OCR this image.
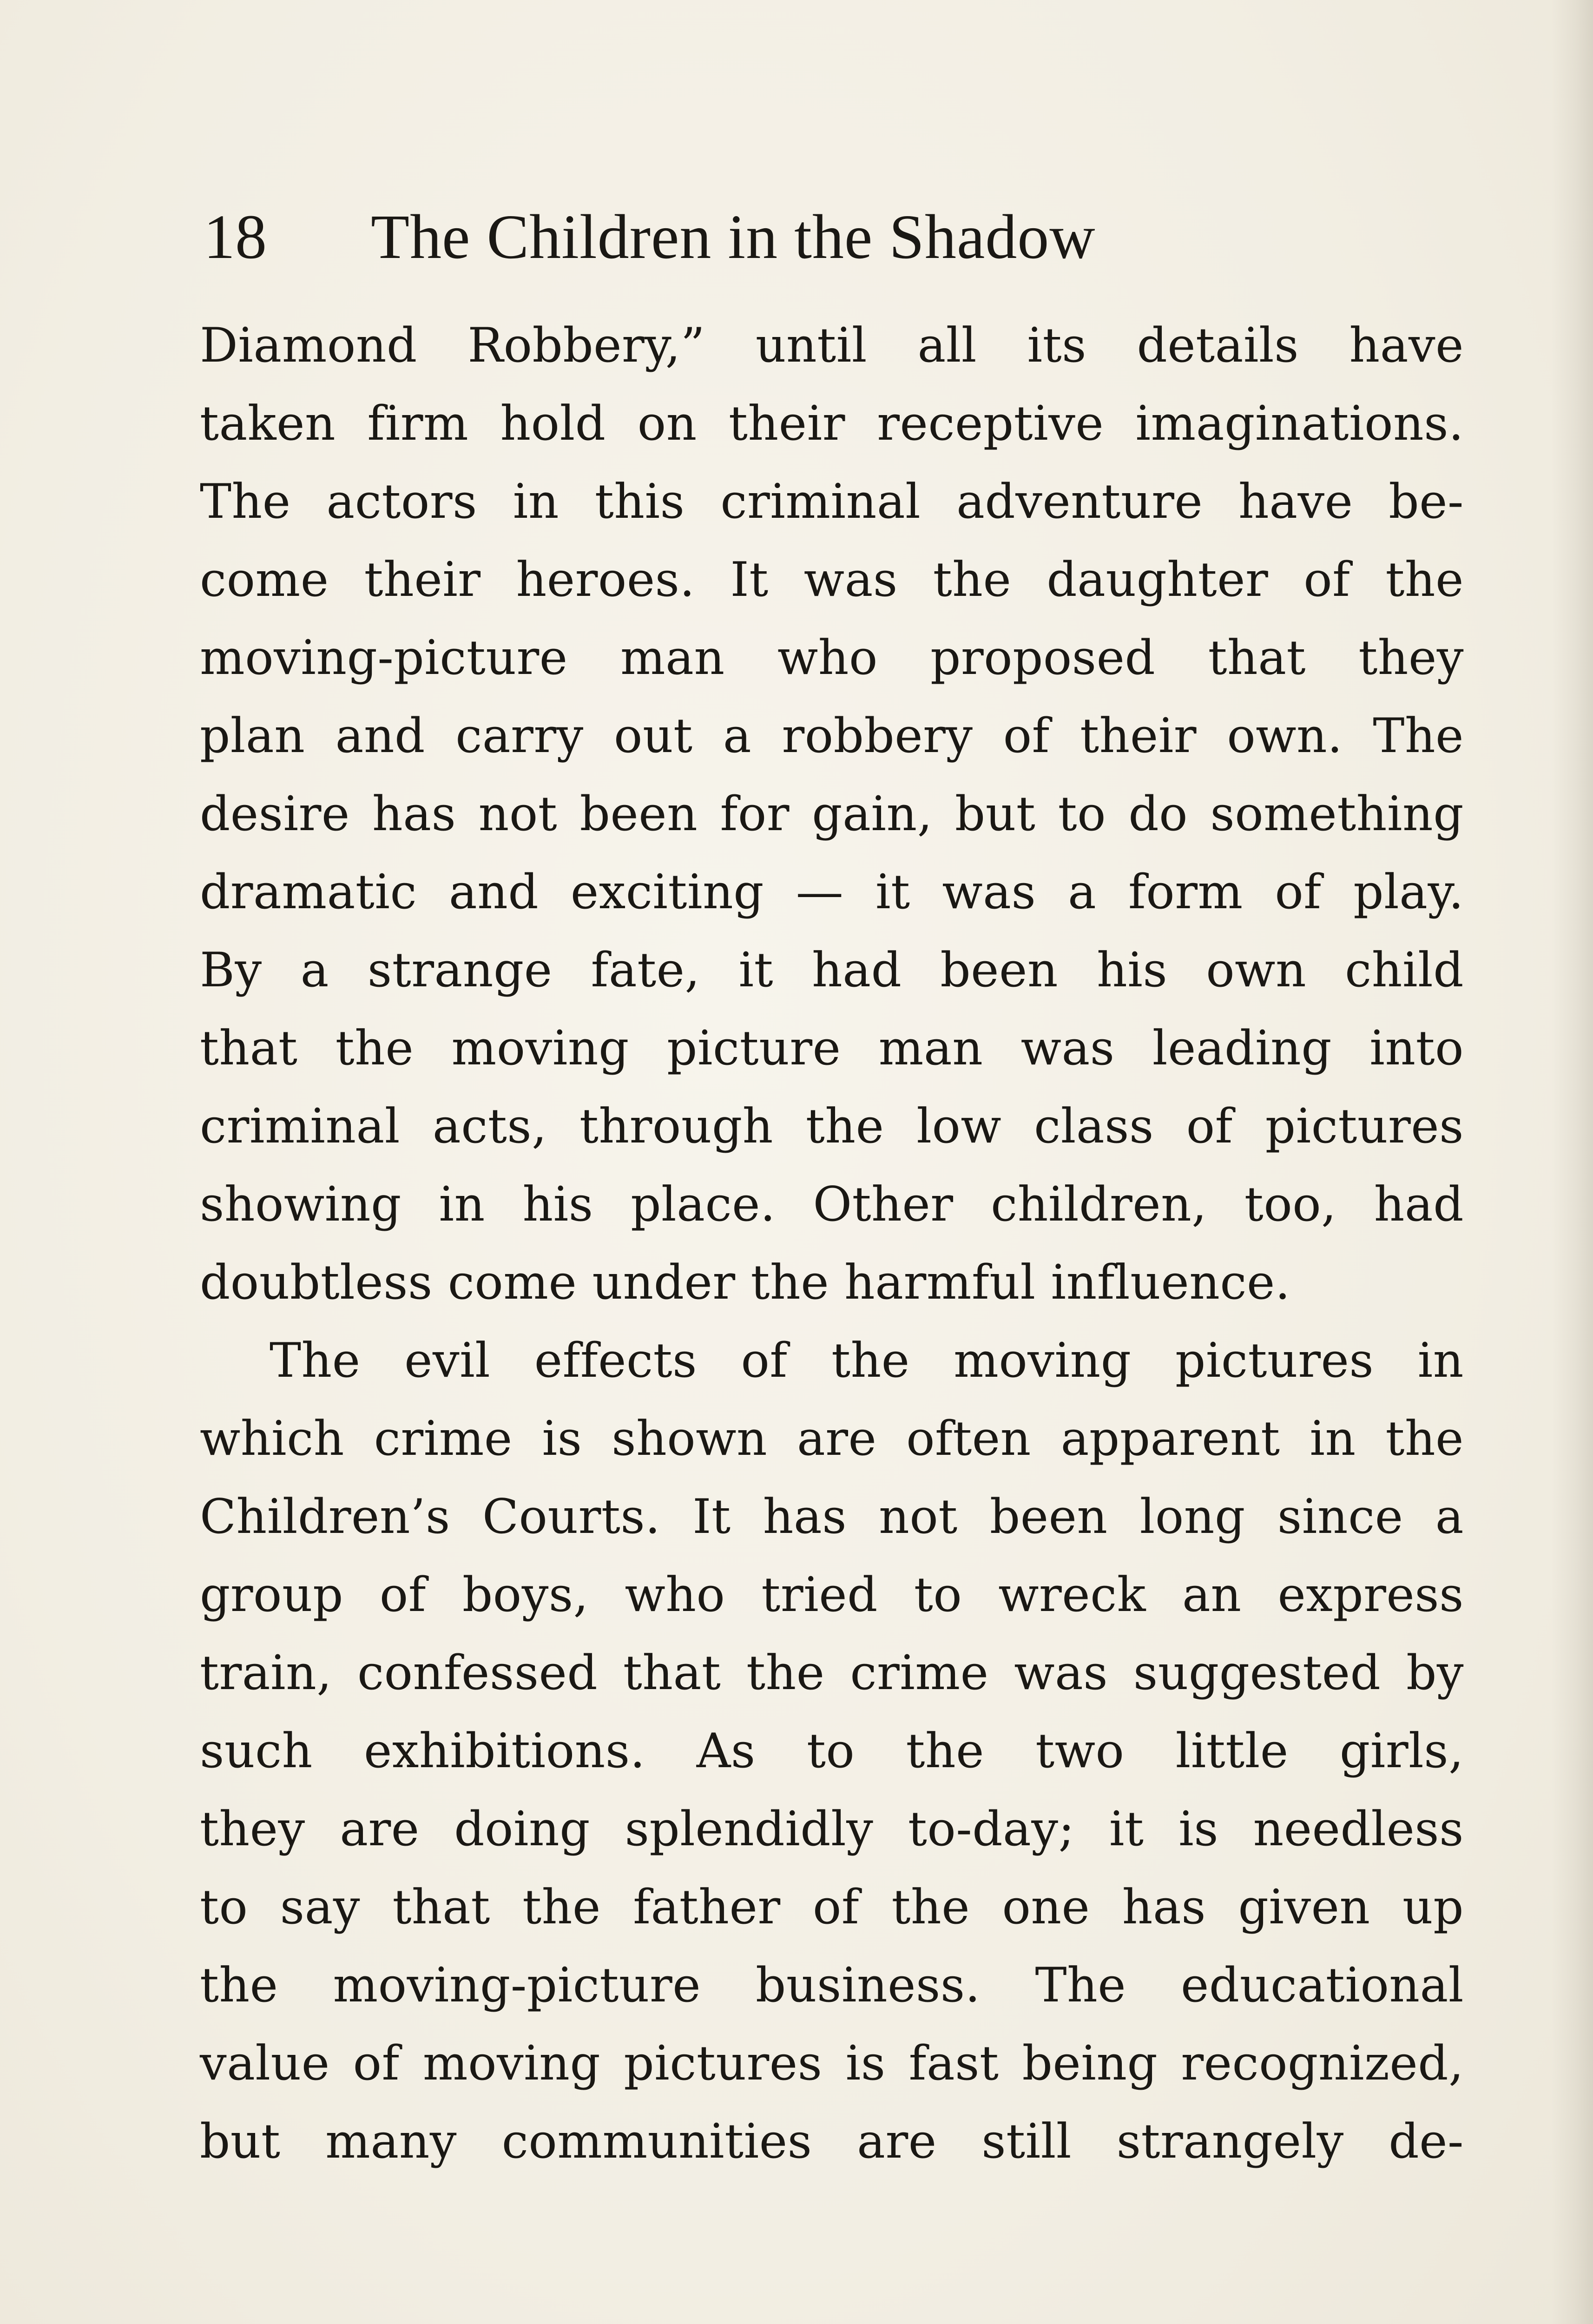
18 The Children in the Shadow
Diamond Robbery,” until all its details have
taken firm hold on their receptive imaginations.
The actors in this criminal adventure have be-
come their heroes. It was the daughter of the
moving-picture man who proposed that they
plan and carry out a robbery of their own. The
desire has not been for gain, but to do something
dramatic and exciting — it was a form of play.
By a strange fate, it had been his own child
that the moving picture man was leading into
criminal acts, through the low class of pictures
showing in his place. Other children, too, had
doubtless come under the harmful influence.
The evil effects of the moving pictures in
which crime is shown are often apparent in the
Children’s Courts. It has not been long since a
group of boys, who tried to wreck an express
train, confessed that the crime was suggested by
such exhibitions. As to the two little girls,
they are doing splendidly to-day; it is needless
to say that the father of the one has given up
the moving-picture business. The educational
value of moving pictures is fast being recognized,
but many communities are still strangely de-
